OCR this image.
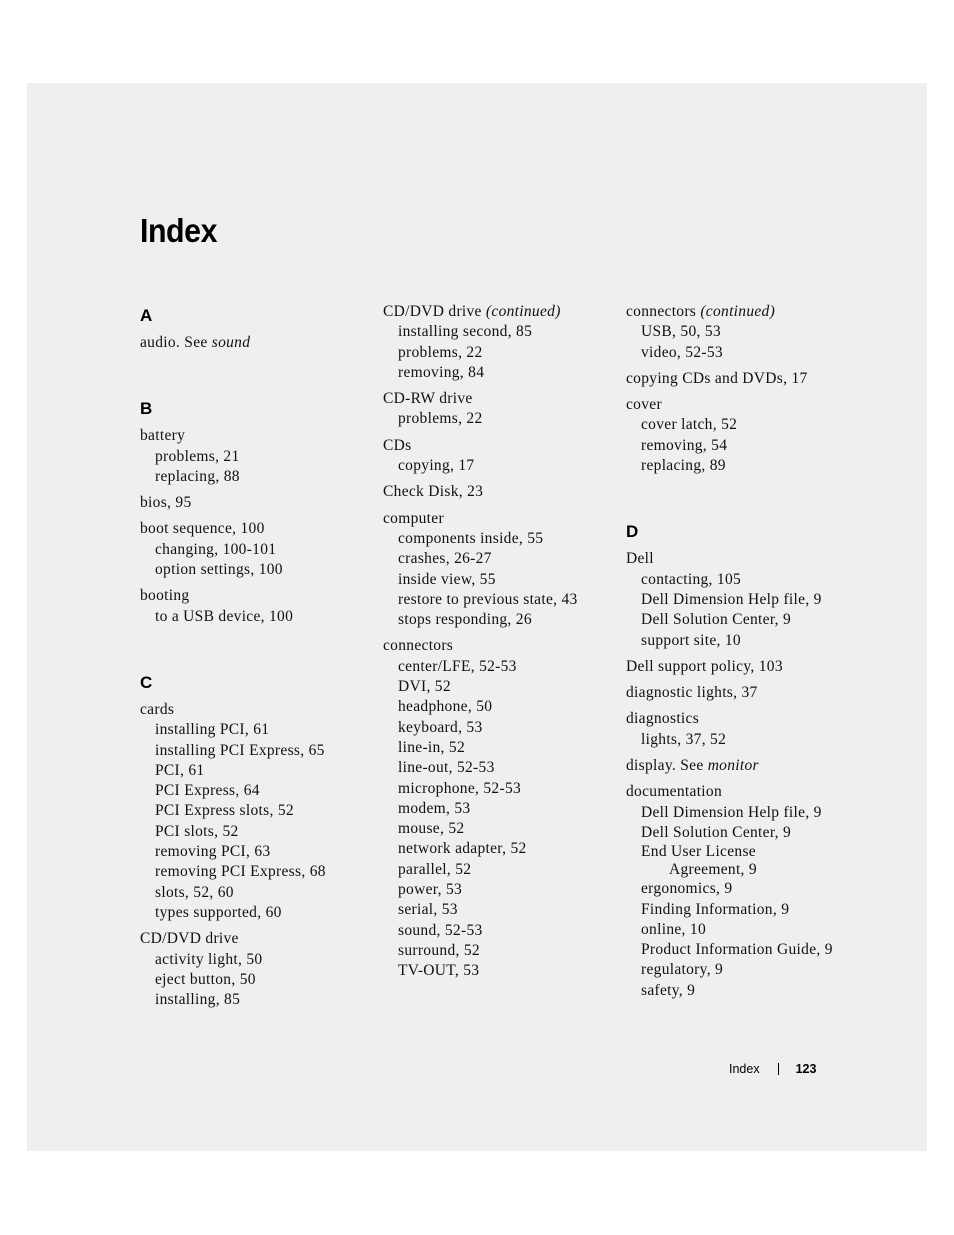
Index
A
audio. See sound
B
battery
problems, 21
replacing, 88
bios, 95
boot sequence, 100
changing, 100-101
option settings, 100
booting
to a USB device, 100
C
cards
installing PCI, 61
installing PCI Express, 65
PCI, 61
PCI Express, 64
PCI Express slots, 52
PCI slots, 52
removing PCI, 63
removing PCI Express, 68
slots, 52, 60
types supported, 60
CD/DVD drive
activity light, 50
eject button, 50
installing, 85
CD/DVD drive (continued)
installing second, 85
problems, 22
removing, 84
CD-RW drive
problems, 22
CDs
copying, 17
Check Disk, 23
computer
components inside, 55
crashes, 26-27
inside view, 55
restore to previous state, 43
stops responding, 26
connectors
center/LFE, 52-53
DVI, 52
headphone, 50
keyboard, 53
line-in, 52
line-out, 52-53
microphone, 52-53
modem, 53
mouse, 52
network adapter, 52
parallel, 52
power, 53
serial, 53
sound, 52-53
surround, 52
TV-OUT, 53
connectors (continued)
USB, 50, 53
video, 52-53
copying CDs and DVDs, 17
cover
cover latch, 52
removing, 54
replacing, 89
D
Dell
contacting, 105
Dell Dimension Help file, 9
Dell Solution Center, 9
support site, 10
Dell support policy, 103
diagnostic lights, 37
diagnostics
lights, 37, 52
display. See monitor
documentation
Dell Dimension Help file, 9
Dell Solution Center, 9
End User License
Agreement, 9
ergonomics, 9
Finding Information, 9
online, 10
Product Information Guide, 9
regulatory, 9
safety, 9
Index	123
